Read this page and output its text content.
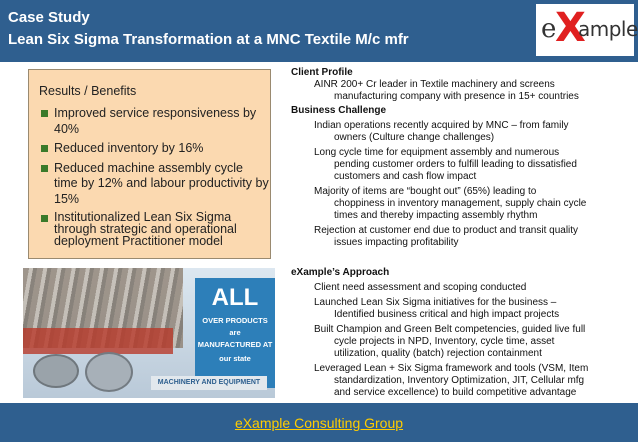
Case Study
Lean Six Sigma Transformation at a MNC Textile M/c mfr	e
X
ample
Results / Benefits
Improved service responsiveness by 40%
Reduced inventory by 16%
Reduced machine assembly cycle time by 12% and labour productivity by 15%
Institutionalized Lean Six Sigma through strategic and operational deployment Practitioner model
ALL
OVER PRODUCTS
are
MANUFACTURED AT
our state
MACHINERY AND EQUIPMENT
Client Profile
AINR 200+ Cr leader in Textile machinery and screens
manufacturing company with presence in 15+ countries
Business Challenge
Indian operations recently acquired by MNC – from family
owners (Culture change challenges)
Long cycle time for equipment assembly and numerous
pending customer orders to fulfill leading to dissatisfied
customers and cash flow impact
Majority of items are “bought out” (65%) leading to
choppiness in inventory management, supply chain cycle
times and thereby impacting assembly rhythm
Rejection at customer end due to product and transit quality
issues impacting profitability
eXample’s Approach
Client need assessment and scoping conducted
Launched Lean Six Sigma initiatives for the business –
Identified business critical and high impact projects
Built Champion and Green Belt competencies, guided live full
cycle projects in NPD, Inventory, cycle time, asset
utilization, quality (batch) rejection containment
Leveraged Lean + Six Sigma framework and tools (VSM, Item
standardization, Inventory Optimization, JIT, Cellular mfg
and service excellence) to build competitive advantage
eXample Consulting Group
